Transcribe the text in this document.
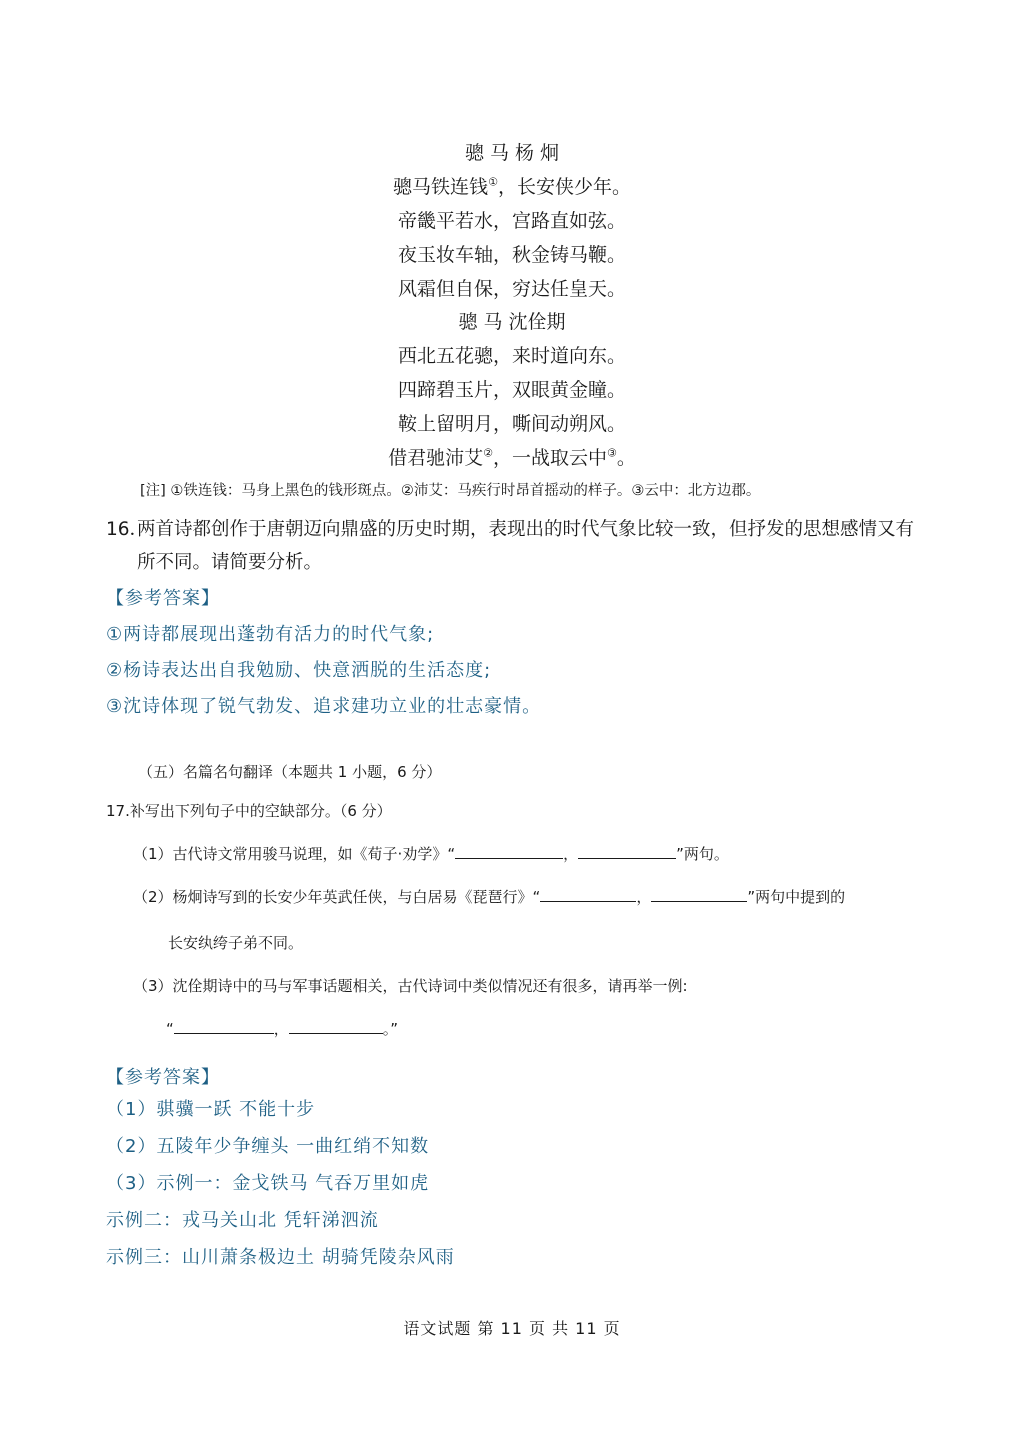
骢 马 杨 炯
骢马铁连钱①，长安侠少年。
帝畿平若水，宫路直如弦。
夜玉妆车轴，秋金铸马鞭。
风霜但自保，穷达任皇天。
骢 马 沈佺期
西北五花骢，来时道向东。
四蹄碧玉片，双眼黄金瞳。
鞍上留明月，嘶间动朔风。
借君驰沛艾②，一战取云中③。
[注] ①铁连钱：马身上黑色的钱形斑点。②沛艾：马疾行时昂首摇动的样子。③云中：北方边郡。
16．
两首诗都创作于唐朝迈向鼎盛的历史时期，表现出的时代气象比较一致，但抒发的思想感情又有所不同。请简要分析。
【参考答案】
①两诗都展现出蓬勃有活力的时代气象;
②杨诗表达出自我勉励、快意洒脱的生活态度;
③沈诗体现了锐气勃发、追求建功立业的壮志豪情。
（五）名篇名句翻译（本题共 1 小题，6 分）
17.补写出下列句子中的空缺部分。（6 分）
（1）古代诗文常用骏马说理，如《荀子·劝学》“	，	”两句。
（2）杨炯诗写到的长安少年英武任侠，与白居易《琵琶行》“	，	”两句中提到的
长安纨绔子弟不同。
（3）沈佺期诗中的马与军事话题相关，古代诗词中类似情况还有很多，请再举一例:
“	，	。”
【参考答案】
（1）骐骥一跃 不能十步
（2）五陵年少争缠头 一曲红绡不知数
（3）示例一：金戈铁马 气吞万里如虎
示例二：戎马关山北 凭轩涕泗流
示例三：山川萧条极边土 胡骑凭陵杂风雨
语文试题 第 11 页 共 11 页
